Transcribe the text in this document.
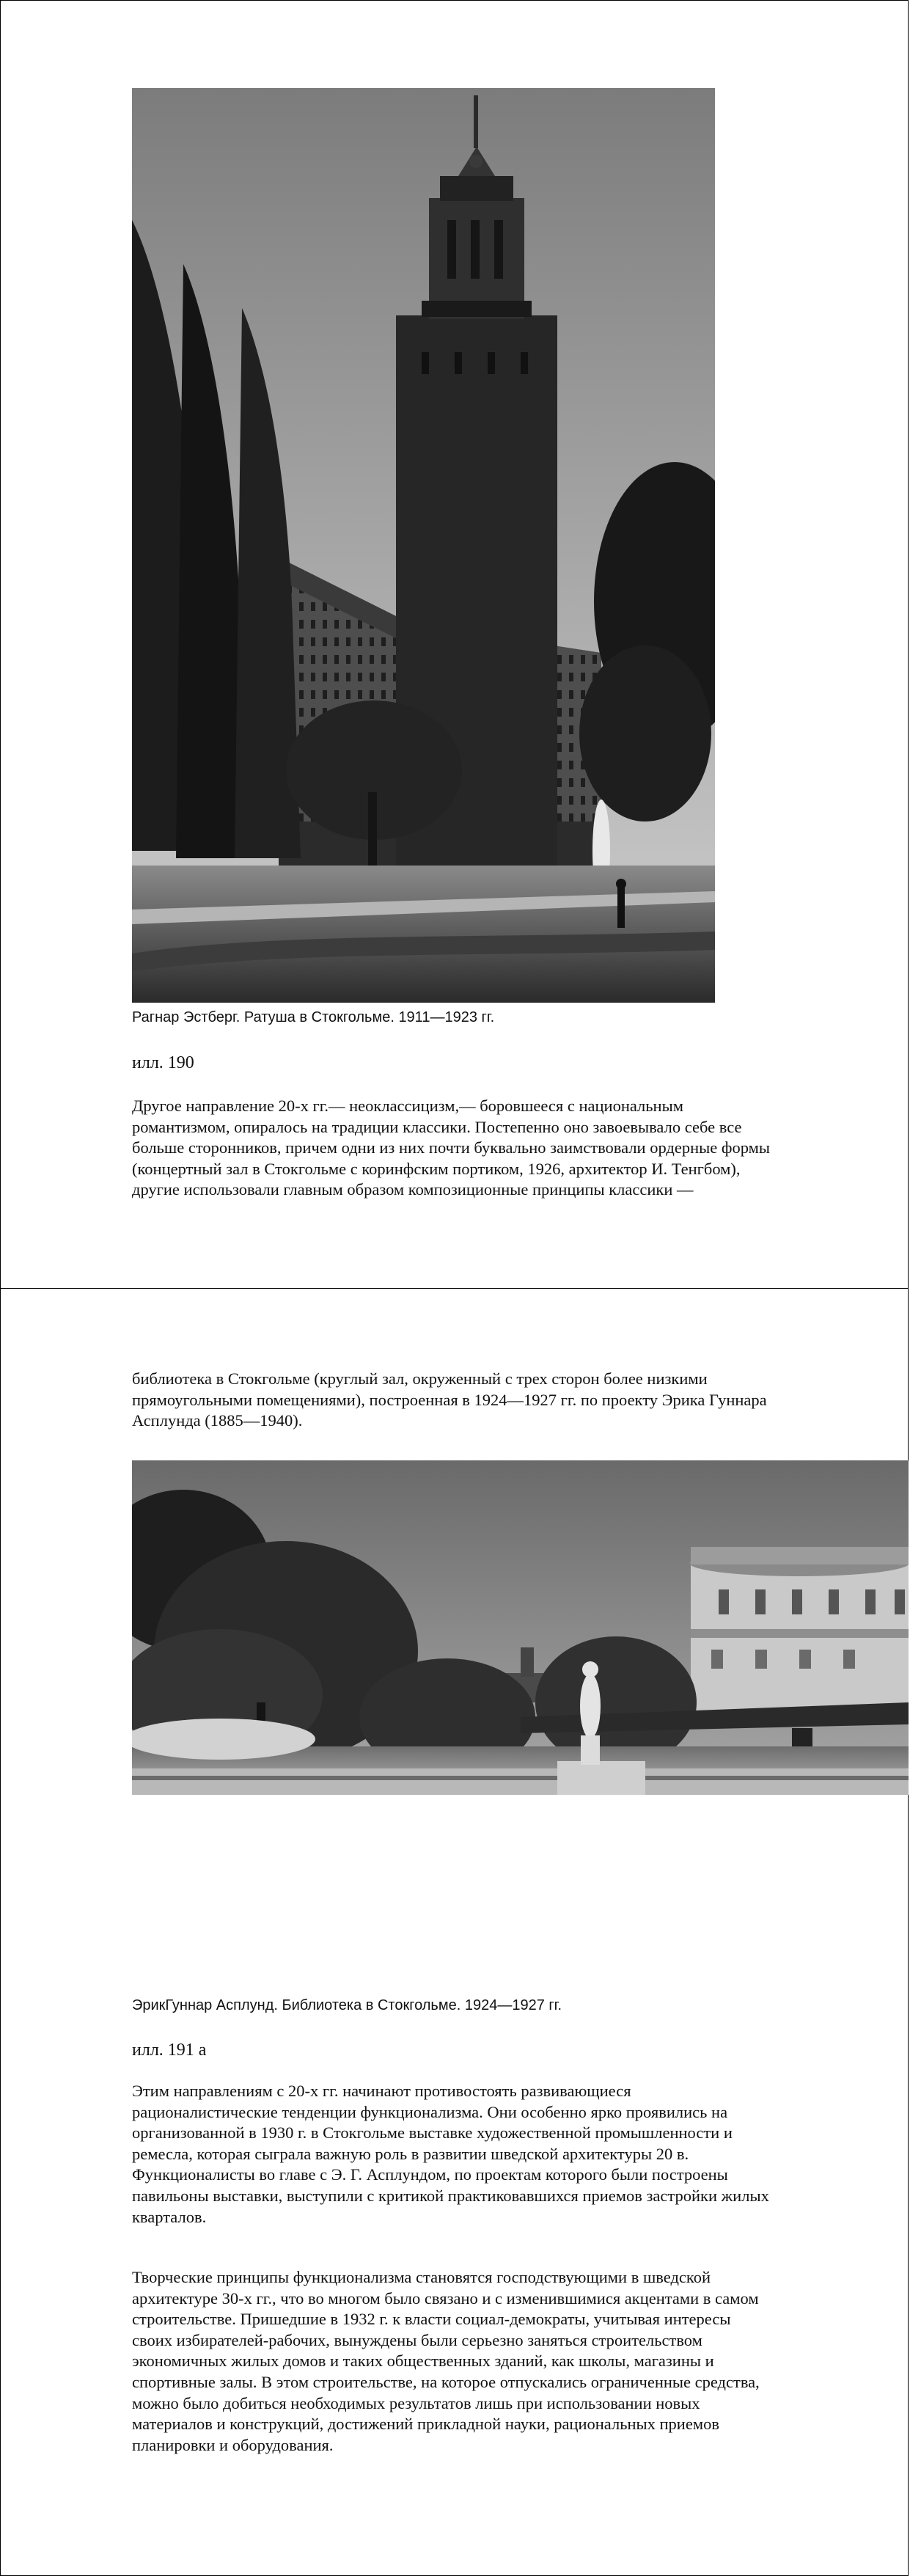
Рагнар Эстберг. Ратуша в Стокгольме. 1911—1923 гг.
илл. 190
Другое направление 20-х гг.— неоклассицизм,— боровшееся с национальным
романтизмом, опиралось на традиции классики. Постепенно оно завоевывало себе все
больше сторонников, причем одни из них почти буквально заимствовали ордерные формы
(концертный зал в Стокгольме с коринфским портиком, 1926, архитектор И. Тенгбом),
другие использовали главным образом композиционные принципы классики —
библиотека в Стокгольме (круглый зал, окруженный с трех сторон более низкими
прямоугольными помещениями), построенная в 1924—1927 гг. по проекту Эрика Гуннара
Асплунда (1885—1940).
ЭрикГуннар Асплунд. Библиотека в Стокгольме. 1924—1927 гг.
илл. 191 а
Этим направлениям с 20-х гг. начинают противостоять развивающиеся
рационалистические тенденции функционализма. Они особенно ярко проявились на
организованной в 1930 г. в Стокгольме выставке художественной промышленности и
ремесла, которая сыграла важную роль в развитии шведской архитектуры 20 в.
Функционалисты во главе с Э. Г. Асплундом, по проектам которого были построены
павильоны выставки, выступили с критикой практиковавшихся приемов застройки жилых
кварталов.
Творческие принципы функционализма становятся господствующими в шведской
архитектуре 30-х гг., что во многом было связано и с изменившимися акцентами в самом
строительстве. Пришедшие в 1932 г. к власти социал-демократы, учитывая интересы
своих избирателей-рабочих, вынуждены были серьезно заняться строительством
экономичных жилых домов и таких общественных зданий, как школы, магазины и
спортивные залы. В этом строительстве, на которое отпускались ограниченные средства,
можно было добиться необходимых результатов лишь при использовании новых
материалов и конструкций, достижений прикладной науки, рациональных приемов
планировки и оборудования.
